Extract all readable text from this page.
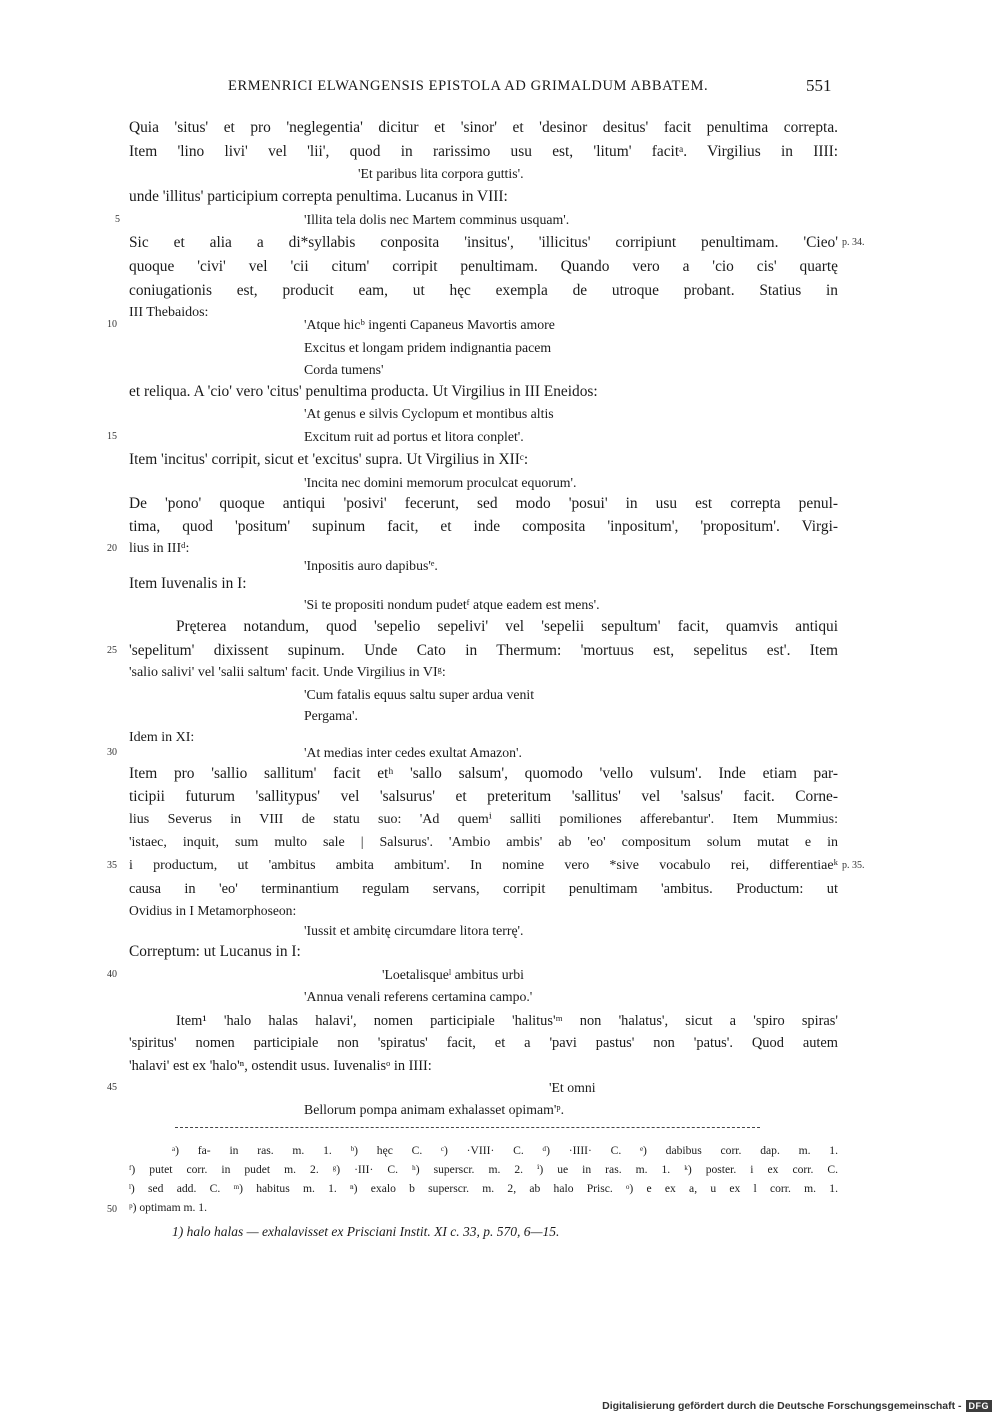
ERMENRICI ELWANGENSIS EPISTOLA AD GRIMALDUM ABBATEM.	551
Quia 'situs' et pro 'neglegentia' dicitur et 'sinor' et 'desinor desitus' facit penultima correpta.
Item 'lino livi' vel 'lii', quod in rarissimo usu est, 'litum' facitᵃ. Virgilius in IIII:
'Et paribus lita corpora guttis'.
unde 'illitus' participium correpta penultima. Lucanus in VIII:
'Illita tela dolis nec Martem comminus usquam'.
Sic et alia a di*syllabis conposita 'insitus', 'illicitus' corripiunt penultimam. 'Cieo'
quoque 'civi' vel 'cii citum' corripit penultimam. Quando vero a 'cio cis' quartę
coniugationis est, producit eam, ut hęc exempla de utroque probant. Statius in
III Thebaidos:
'Atque hicᵇ ingenti Capaneus Mavortis amore
Excitus et longam pridem indignantia pacem
Corda tumens'
et reliqua. A 'cio' vero 'citus' penultima producta. Ut Virgilius in III Eneidos:
'At genus e silvis Cyclopum et montibus altis
Excitum ruit ad portus et litora conplet'.
Item 'incitus' corripit, sicut et 'excitus' supra. Ut Virgilius in XIIᶜ:
'Incita nec domini memorum proculcat equorum'.
De 'pono' quoque antiqui 'posivi' fecerunt, sed modo 'posui' in usu est correpta penul-
tima, quod 'positum' supinum facit, et inde composita 'inpositum', 'propositum'. Virgi-
lius in IIIᵈ:
'Inpositis auro dapibus'ᵉ.
Item Iuvenalis in I:
'Si te propositi nondum pudetᶠ atque eadem est mens'.
Pręterea notandum, quod 'sepelio sepelivi' vel 'sepelii sepultum' facit, quamvis antiqui
'sepelitum' dixissent supinum. Unde Cato in Thermum: 'mortuus est, sepelitus est'. Item
'salio salivi' vel 'salii saltum' facit. Unde Virgilius in VIᵍ:
'Cum fatalis equus saltu super ardua venit
Pergama'.
Idem in XI:
'At medias inter cedes exultat Amazon'.
Item pro 'sallio sallitum' facit etʰ 'sallo salsum', quomodo 'vello vulsum'. Inde etiam par-
ticipii futurum 'sallitурus' vel 'salsurus' et preteritum 'sallitus' vel 'salsus' facit. Corne-
lius Severus in VIII de statu suo: 'Ad quemⁱ salliti pomiliones afferebantur'. Item Mummius:
'istaec, inquit, sum multo sale | Salsurus'. 'Ambio ambis' ab 'eo' compositum solum mutat e in
i productum, ut 'ambitus ambita ambitum'. In nomine vero *sive vocabulo rei, differentiaeᵏ
causa in 'eo' terminantium regulam servans, corripit penultimam 'ambitus. Productum: ut
Ovidius in I Metamorphoseon:
'Iussit et ambitę circumdare litora terrę'.
Correptum: ut Lucanus in I:
'Loetalisqueˡ ambitus urbi
'Annua venali referens certamina campo.'
Item¹ 'halo halas halavi', nomen participiale 'halitus'ᵐ non 'halatus', sicut a 'spiro spiras'
'spiritus' nomen participiale non 'spiratus' facit, et a 'pavi pastus' non 'patus'. Quod autem
'halavi' est ex 'halo'ⁿ, ostendit usus. Iuvenalisᵒ in IIII:
'Et omni
Bellorum pompa animam exhalasset opimam'ᵖ.
5
10
15
20
25
30
35
40
45
50
p. 34.
p. 35.
ᵃ) fa- in ras. m. 1. ᵇ) hęc C. ᶜ) ·VIII· C. ᵈ) ·IIII· C. ᵉ) dabibus corr. dap. m. 1.
ᶠ) putet corr. in pudet m. 2. ᵍ) ·III· C. ʰ) superscr. m. 2. ⁱ) ue in ras. m. 1. ᵏ) poster. i ex corr. C.
ˡ) sed add. C. ᵐ) habitus m. 1. ⁿ) exalo b superscr. m. 2, ab halo Prisc. ᵒ) e ex a, u ex l corr. m. 1.
ᵖ) optimam m. 1.
1) halo halas — exhalavisset ex Prisciani Instit. XI c. 33, p. 570, 6—15.
Digitalisierung gefördert durch die Deutsche Forschungsgemeinschaft - DFG
